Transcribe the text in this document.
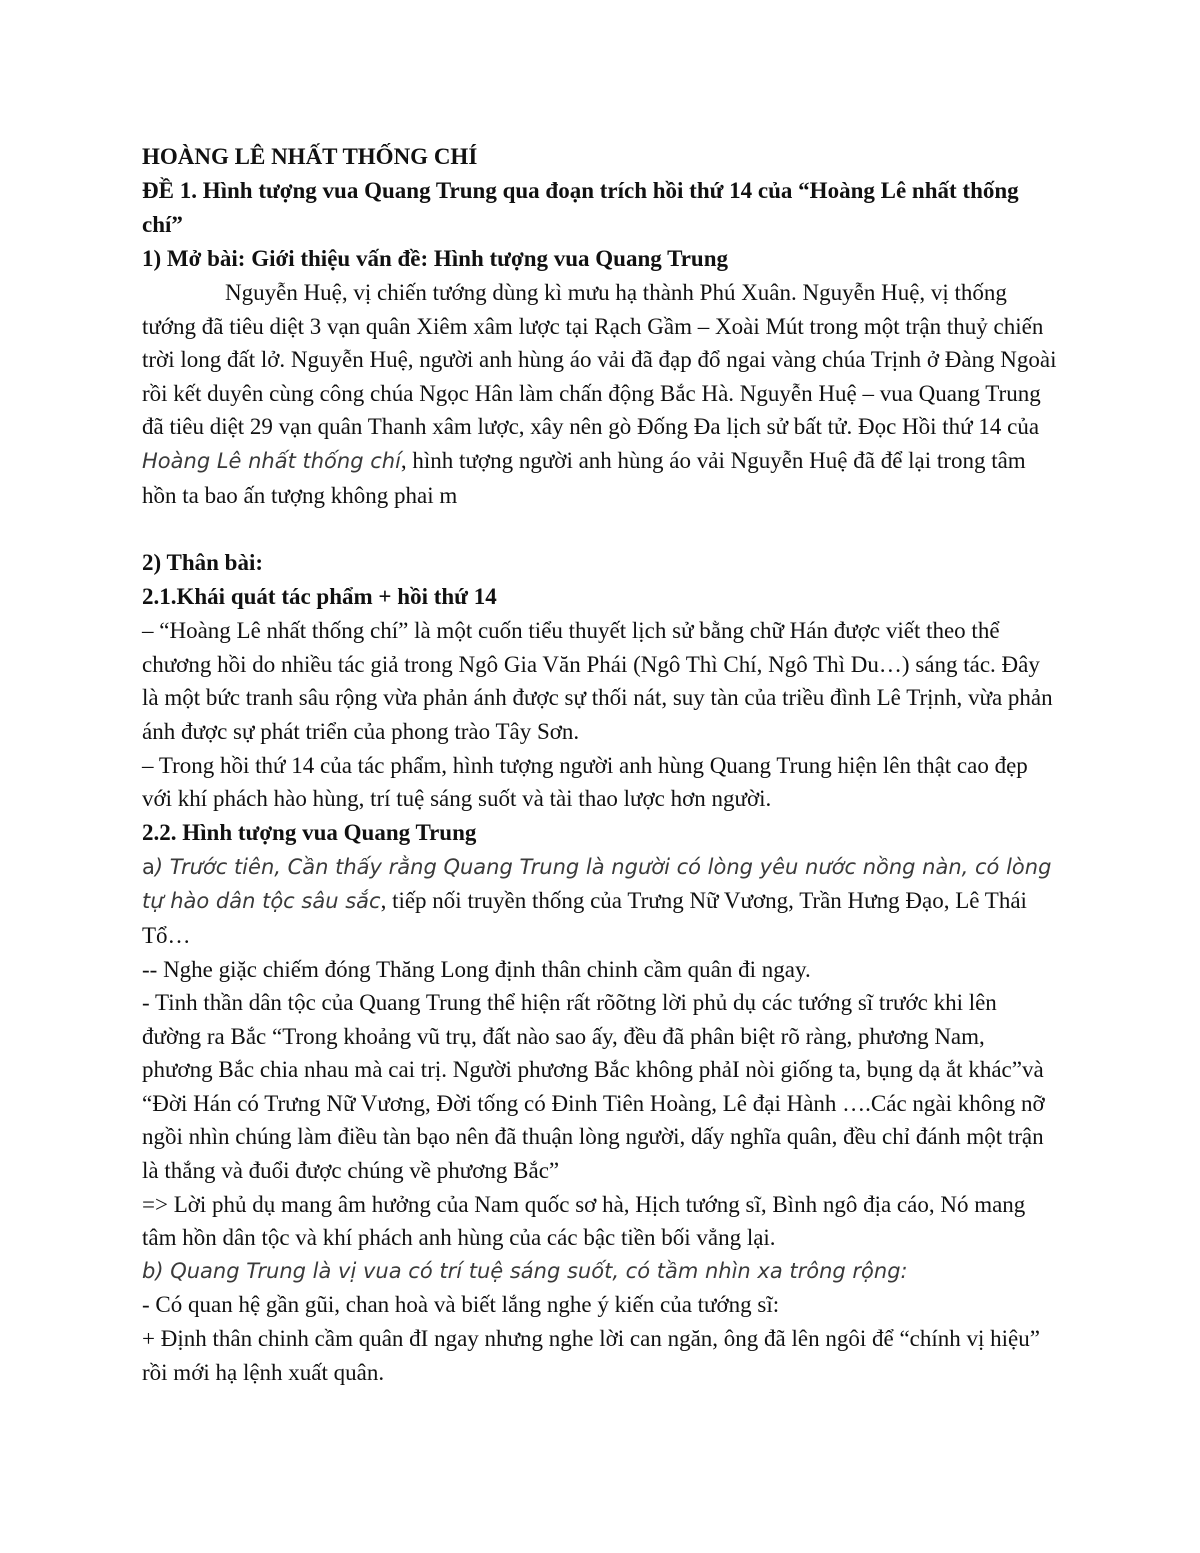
HOÀNG LÊ NHẤT THỐNG CHÍ

ĐỀ 1. Hình tượng vua Quang Trung qua đoạn trích hồi thứ 14 của “Hoàng Lê nhất thống chí”

1) Mở bài: Giới thiệu vấn đề: Hình tượng vua Quang Trung

Nguyễn Huệ, vị chiến tướng dùng kì mưu hạ thành Phú Xuân. Nguyễn Huệ, vị thống tướng đã tiêu diệt 3 vạn quân Xiêm xâm lược tại Rạch Gầm – Xoài Mút trong một trận thuỷ chiến trời long đất lở. Nguyễn Huệ, người anh hùng áo vải đã đạp đổ ngai vàng chúa Trịnh ở Đàng Ngoài rồi kết duyên cùng công chúa Ngọc Hân làm chấn động Bắc Hà. Nguyễn Huệ – vua Quang Trung đã tiêu diệt 29 vạn quân Thanh xâm lược, xây nên gò Đống Đa lịch sử bất tử. Đọc Hồi thứ 14 của Hoàng Lê nhất thống chí, hình tượng người anh hùng áo vải Nguyễn Huệ đã để lại trong tâm hồn ta bao ấn tượng không phai m

2) Thân bài:

2.1.Khái quát tác phẩm + hồi thứ 14

– “Hoàng Lê nhất thống chí” là một cuốn tiểu thuyết lịch sử bằng chữ Hán được viết theo thể chương hồi do nhiều tác giả trong Ngô Gia Văn Phái (Ngô Thì Chí, Ngô Thì Du…) sáng tác. Đây là một bức tranh sâu rộng vừa phản ánh được sự thối nát, suy tàn của triều đình Lê Trịnh, vừa phản ánh được sự phát triển của phong trào Tây Sơn.

– Trong hồi thứ 14 của tác phẩm, hình tượng người anh hùng Quang Trung hiện lên thật cao đẹp với khí phách hào hùng, trí tuệ sáng suốt và tài thao lược hơn người.

2.2. Hình tượng vua Quang Trung

a) Trước tiên, Cần thấy rằng Quang Trung là người có lòng yêu nước nồng nàn, có lòng tự hào dân tộc sâu sắc, tiếp nối truyền thống của Trưng Nữ Vương, Trần Hưng Đạo, Lê Thái Tổ…

-- Nghe giặc chiếm đóng Thăng Long định thân chinh cầm quân đi ngay.

- Tinh thần dân tộc của Quang Trung thể hiện rất rõõtng lời phủ dụ các tướng sĩ trước khi lên đường ra Bắc “Trong khoảng vũ trụ, đất nào sao ấy, đều đã phân biệt rõ ràng, phương Nam, phương Bắc chia nhau mà cai trị. Người phương Bắc không phảI nòi giống ta, bụng dạ ắt khác”và “Đời Hán có Trưng Nữ Vương, Đời tống có Đinh Tiên Hoàng, Lê đại Hành ….Các ngài không nỡ ngồi nhìn chúng làm điều tàn bạo nên đã thuận lòng người, dấy nghĩa quân, đều chỉ đánh một trận là thắng và đuổi được chúng về phương Bắc”

=> Lời phủ dụ mang âm hưởng của Nam quốc sơ hà, Hịch tướng sĩ, Bình ngô địa cáo, Nó mang tâm hồn dân tộc và khí phách anh hùng của các bậc tiền bối vẳng lại.

b) Quang Trung là vị vua có trí tuệ sáng suốt, có tầm nhìn xa trông rộng:

- Có quan hệ gần gũi, chan hoà và biết lắng nghe ý kiến của tướng sĩ:

+ Định thân chinh cầm quân đI ngay nhưng nghe lời can ngăn, ông đã lên ngôi để “chính vị hiệu” rồi mới hạ lệnh xuất quân.
